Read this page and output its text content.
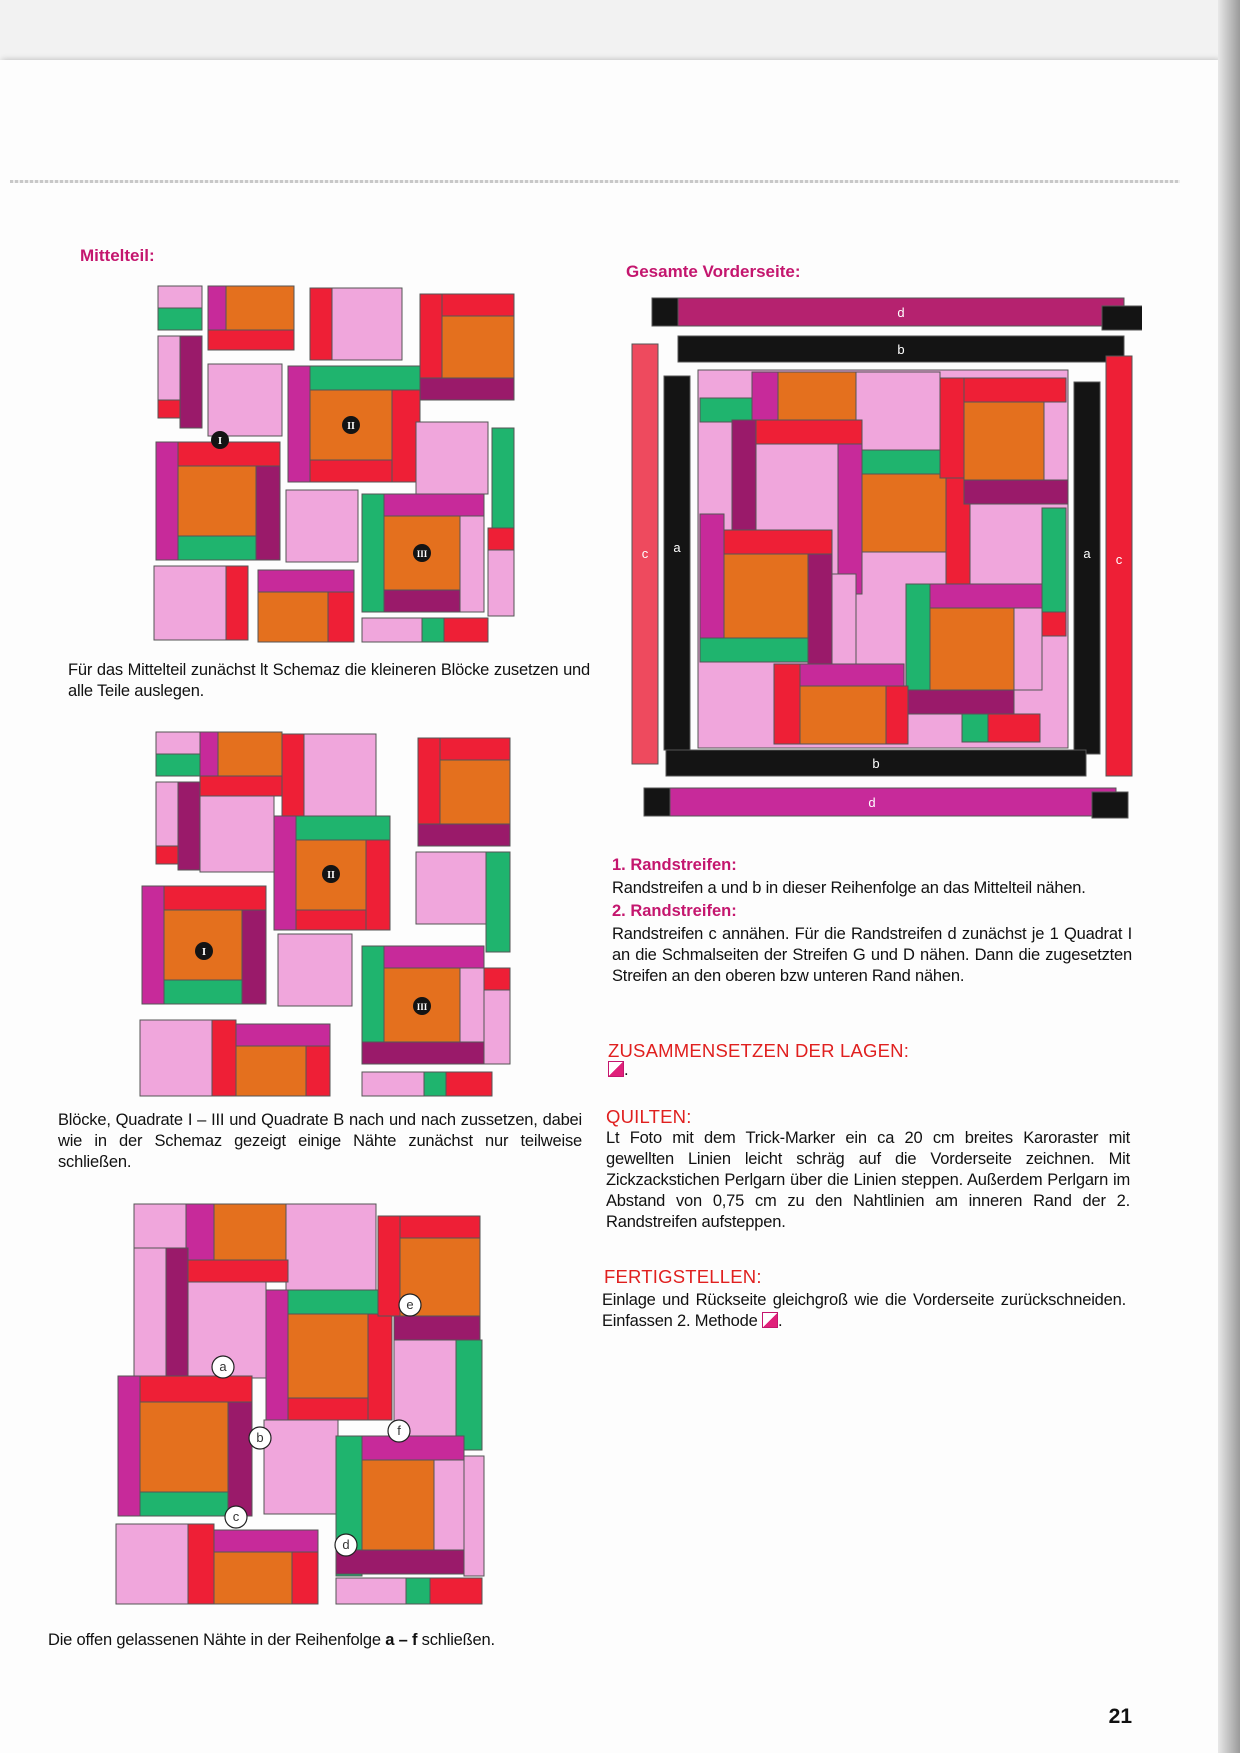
Mittelteil:
I
II
III
Für das Mittelteil zunächst lt Schemaz die kleineren Blöcke zusetzen und alle Teile auslegen.
I
II
III
Blöcke, Quadrate I – III und Quadrate B nach und nach zussetzen, dabei wie in der Schemaz gezeigt einige Nähte zunächst nur teilweise schließen.
a
b
c
d
e
f
Die offen gelassenen Nähte in der Reihenfolge a – f schließen.
Gesamte Vorderseite:
d
b
c a	a c
b
d
1. Randstreifen:
Randstreifen a und b in dieser Reihenfolge an das Mittelteil nähen.
2. Randstreifen:
Randstreifen c annähen. Für die Randstreifen d zunächst je 1 Quadrat I an die Schmalseiten der Streifen G und D nähen. Dann die zugesetzten Streifen an den oberen bzw unteren Rand nähen.
ZUSAMMENSETZEN DER LAGEN:
.
QUILTEN:
Lt Foto mit dem Trick-Marker ein ca 20 cm breites Karoraster mit gewellten Linien leicht schräg auf die Vorderseite zeichnen. Mit Zickzackstichen Perlgarn über die Linien steppen. Außerdem Perlgarn im Abstand von 0,75 cm zu den Nahtlinien am inneren Rand der 2. Randstreifen aufsteppen.
FERTIGSTELLEN:
Einlage und Rückseite gleichgroß wie die Vorderseite zurückschneiden. Einfassen 2. Methode .
21
